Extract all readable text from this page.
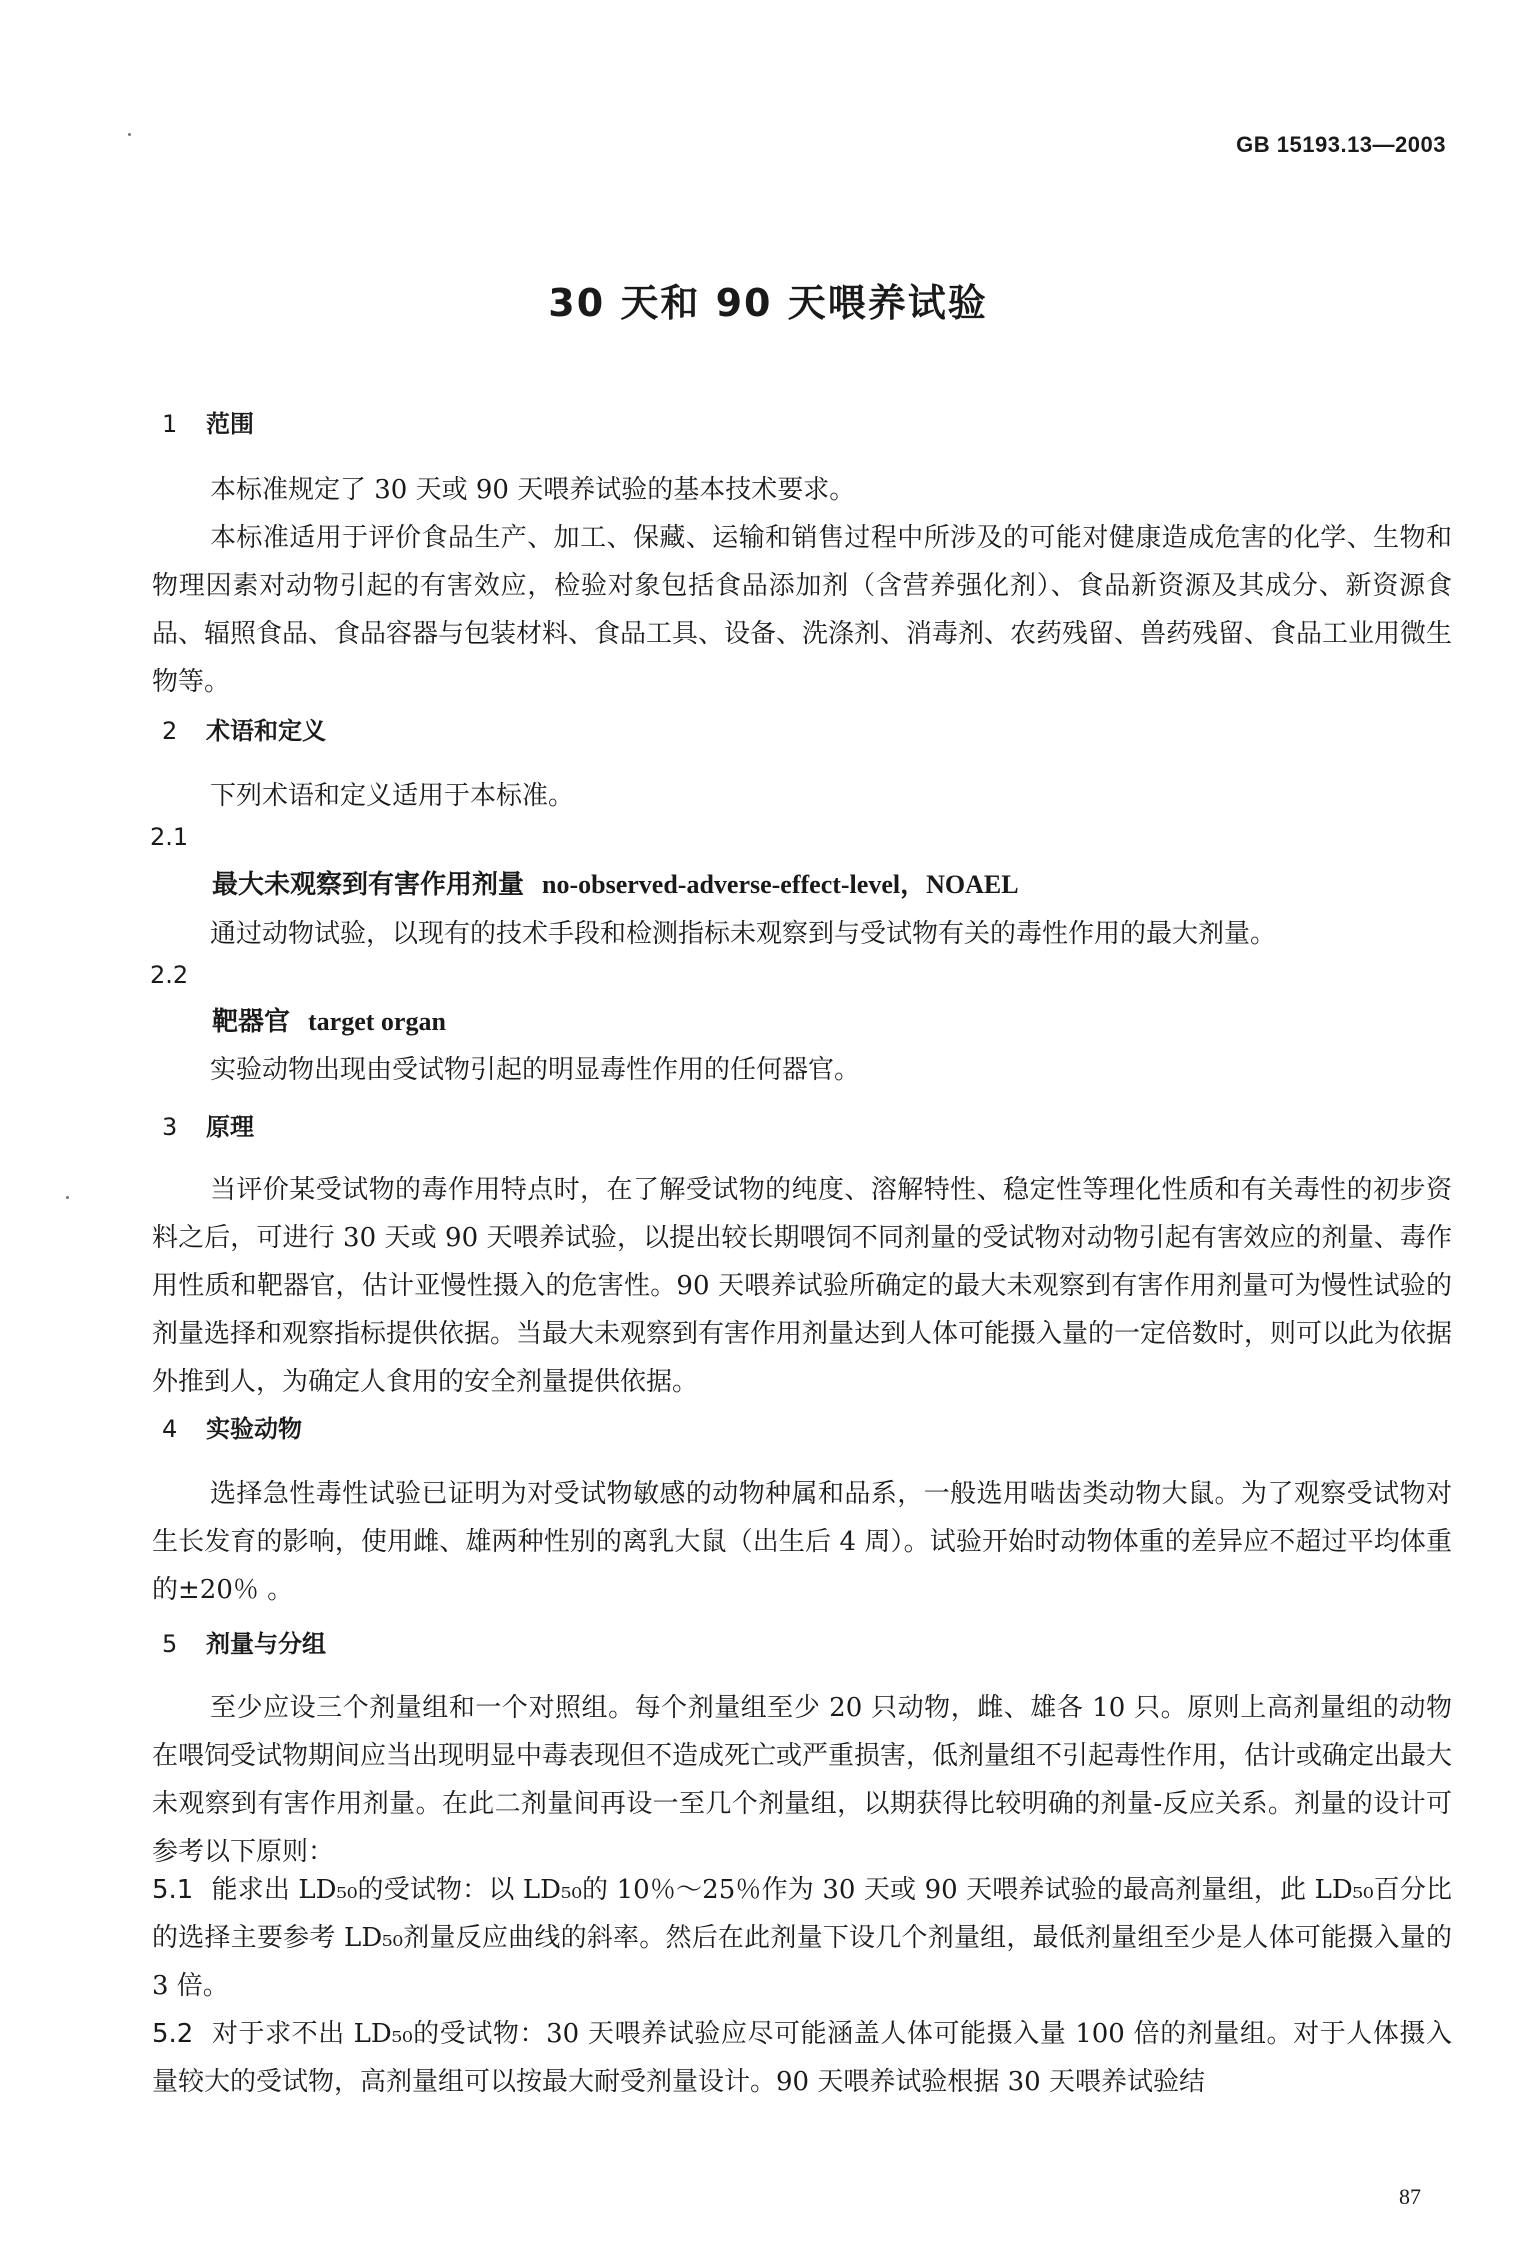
GB 15193.13—2003
30 天和 90 天喂养试验
1 范围
本标准规定了 30 天或 90 天喂养试验的基本技术要求。
本标准适用于评价食品生产、加工、保藏、运输和销售过程中所涉及的可能对健康造成危害的化学、生物和物理因素对动物引起的有害效应，检验对象包括食品添加剂（含营养强化剂）、食品新资源及其成分、新资源食品、辐照食品、食品容器与包装材料、食品工具、设备、洗涤剂、消毒剂、农药残留、兽药残留、食品工业用微生物等。
2 术语和定义
下列术语和定义适用于本标准。
2.1
最大未观察到有害作用剂量 no-observed-adverse-effect-level，NOAEL
通过动物试验，以现有的技术手段和检测指标未观察到与受试物有关的毒性作用的最大剂量。
2.2
靶器官 target organ
实验动物出现由受试物引起的明显毒性作用的任何器官。
3 原理
当评价某受试物的毒作用特点时，在了解受试物的纯度、溶解特性、稳定性等理化性质和有关毒性的初步资料之后，可进行 30 天或 90 天喂养试验，以提出较长期喂饲不同剂量的受试物对动物引起有害效应的剂量、毒作用性质和靶器官，估计亚慢性摄入的危害性。90 天喂养试验所确定的最大未观察到有害作用剂量可为慢性试验的剂量选择和观察指标提供依据。当最大未观察到有害作用剂量达到人体可能摄入量的一定倍数时，则可以此为依据外推到人，为确定人食用的安全剂量提供依据。
4 实验动物
选择急性毒性试验已证明为对受试物敏感的动物种属和品系，一般选用啮齿类动物大鼠。为了观察受试物对生长发育的影响，使用雌、雄两种性别的离乳大鼠（出生后 4 周）。试验开始时动物体重的差异应不超过平均体重的±20％ 。
5 剂量与分组
至少应设三个剂量组和一个对照组。每个剂量组至少 20 只动物，雌、雄各 10 只。原则上高剂量组的动物在喂饲受试物期间应当出现明显中毒表现但不造成死亡或严重损害，低剂量组不引起毒性作用，估计或确定出最大未观察到有害作用剂量。在此二剂量间再设一至几个剂量组，以期获得比较明确的剂量-反应关系。剂量的设计可参考以下原则：
5.1 能求出 LD₅₀的受试物：以 LD₅₀的 10％～25％作为 30 天或 90 天喂养试验的最高剂量组，此 LD₅₀百分比的选择主要参考 LD₅₀剂量反应曲线的斜率。然后在此剂量下设几个剂量组，最低剂量组至少是人体可能摄入量的 3 倍。
5.2 对于求不出 LD₅₀的受试物：30 天喂养试验应尽可能涵盖人体可能摄入量 100 倍的剂量组。对于人体摄入量较大的受试物，高剂量组可以按最大耐受剂量设计。90 天喂养试验根据 30 天喂养试验结
87
